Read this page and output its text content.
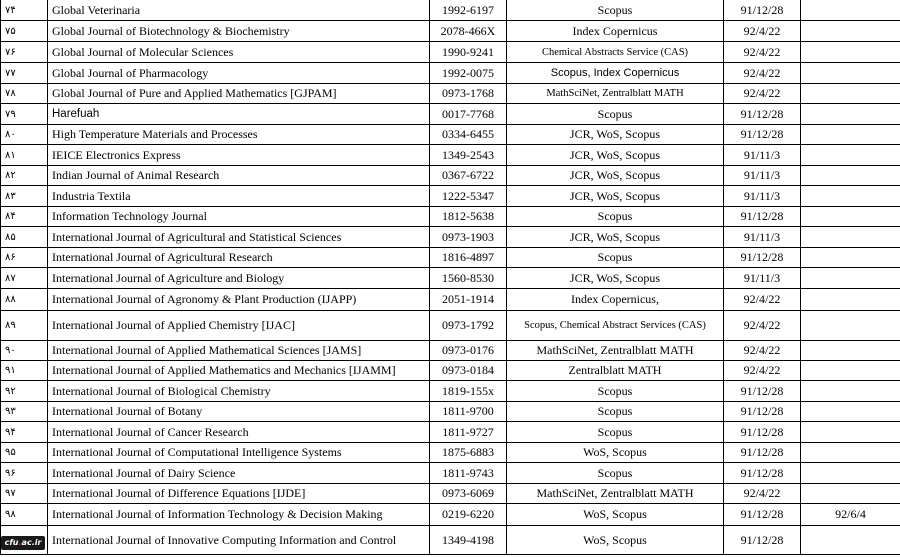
۷۴	Global Veterinaria	1992-6197	Scopus	91/12/28	
۷۵	Global Journal of Biotechnology & Biochemistry	2078-466X	Index Copernicus	92/4/22	
۷۶	Global Journal of Molecular Sciences	1990-9241	Chemical Abstracts Service (CAS)	92/4/22	
۷۷	Global Journal of Pharmacology	1992-0075	Scopus, Index Copernicus	92/4/22	
۷۸	Global Journal of Pure and Applied Mathematics [GJPAM]	0973-1768	MathSciNet, Zentralblatt MATH	92/4/22	
۷۹	Harefuah	0017-7768	Scopus	91/12/28	
۸۰	High Temperature Materials and Processes	0334-6455	JCR, WoS, Scopus	91/12/28	
۸۱	IEICE Electronics Express	1349-2543	JCR, WoS, Scopus	91/11/3	
۸۲	Indian Journal of Animal Research	0367-6722	JCR, WoS, Scopus	91/11/3	
۸۳	Industria Textila	1222-5347	JCR, WoS, Scopus	91/11/3	
۸۴	Information Technology Journal	1812-5638	Scopus	91/12/28	
۸۵	International Journal of Agricultural and Statistical Sciences	0973-1903	JCR, WoS, Scopus	91/11/3	
۸۶	International Journal of Agricultural Research	1816-4897	Scopus	91/12/28	
۸۷	International Journal of Agriculture and Biology	1560-8530	JCR, WoS, Scopus	91/11/3	
۸۸	International Journal of Agronomy & Plant Production (IJAPP)	2051-1914	Index Copernicus,	92/4/22	
۸۹	International Journal of Applied Chemistry [IJAC]	0973-1792	Scopus, Chemical Abstract Services (CAS)	92/4/22	
۹۰	International Journal of Applied Mathematical Sciences [JAMS]	0973-0176	MathSciNet, Zentralblatt MATH	92/4/22	
۹۱	International Journal of Applied Mathematics and Mechanics [IJAMM]	0973-0184	Zentralblatt MATH	92/4/22	
۹۲	International Journal of Biological Chemistry	1819-155x	Scopus	91/12/28	
۹۳	International Journal of Botany	1811-9700	Scopus	91/12/28	
۹۴	International Journal of Cancer Research	1811-9727	Scopus	91/12/28	
۹۵	International Journal of Computational Intelligence Systems	1875-6883	WoS, Scopus	91/12/28	
۹۶	International Journal of Dairy Science	1811-9743	Scopus	91/12/28	
۹۷	International Journal of Difference Equations [IJDE]	0973-6069	MathSciNet, Zentralblatt MATH	92/4/22	
۹۸	International Journal of Information Technology & Decision Making	0219-6220	WoS, Scopus	91/12/28	92/6/4
	International Journal of Innovative Computing Information and Control	1349-4198	WoS, Scopus	91/12/28	
cfu.ac.ir
